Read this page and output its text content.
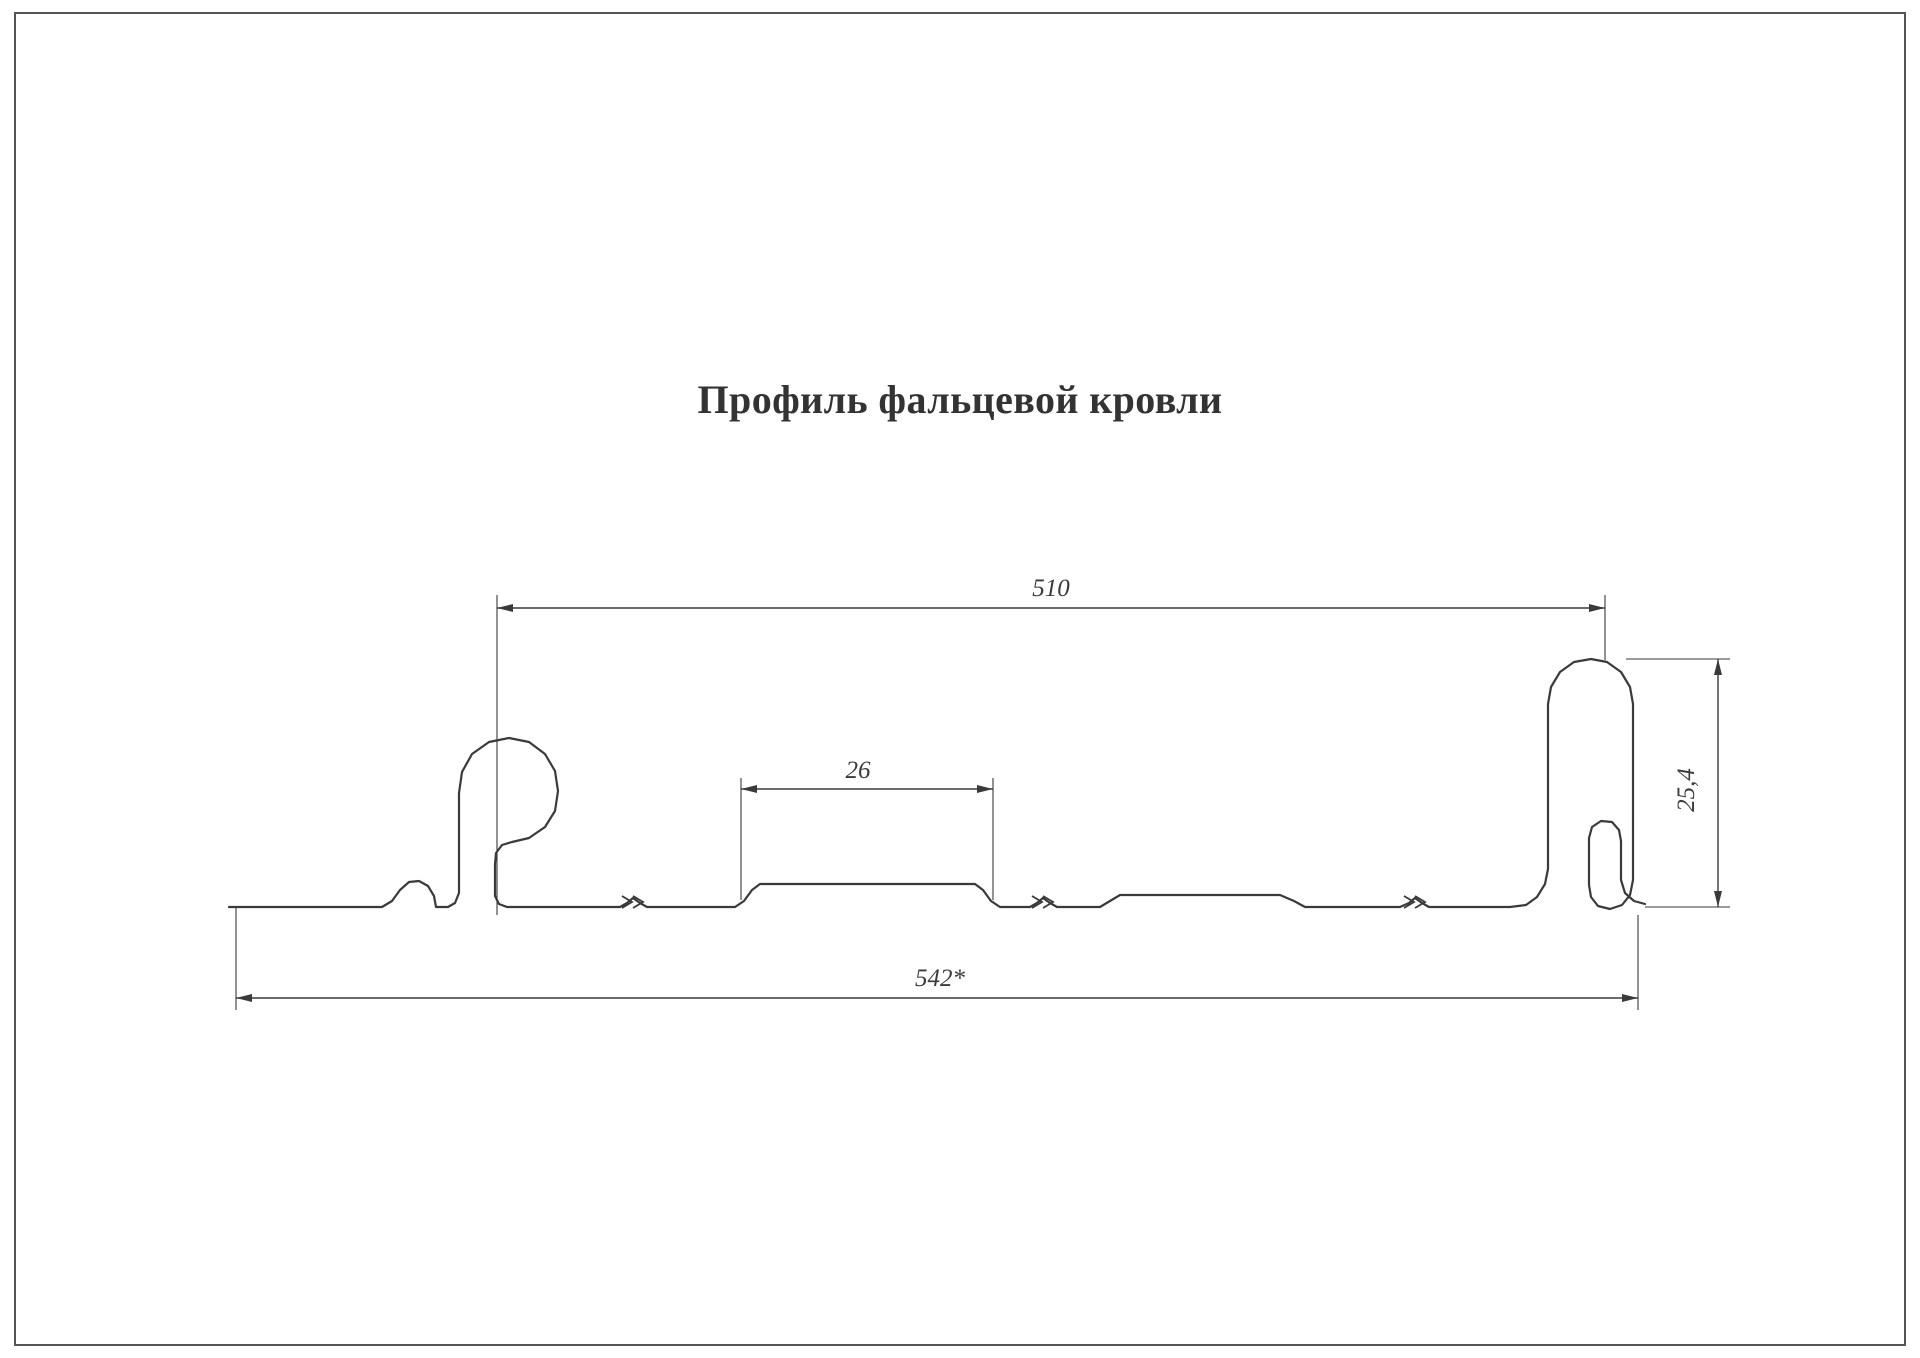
Профиль фальцевой кровли
510
26	25,4
542*
